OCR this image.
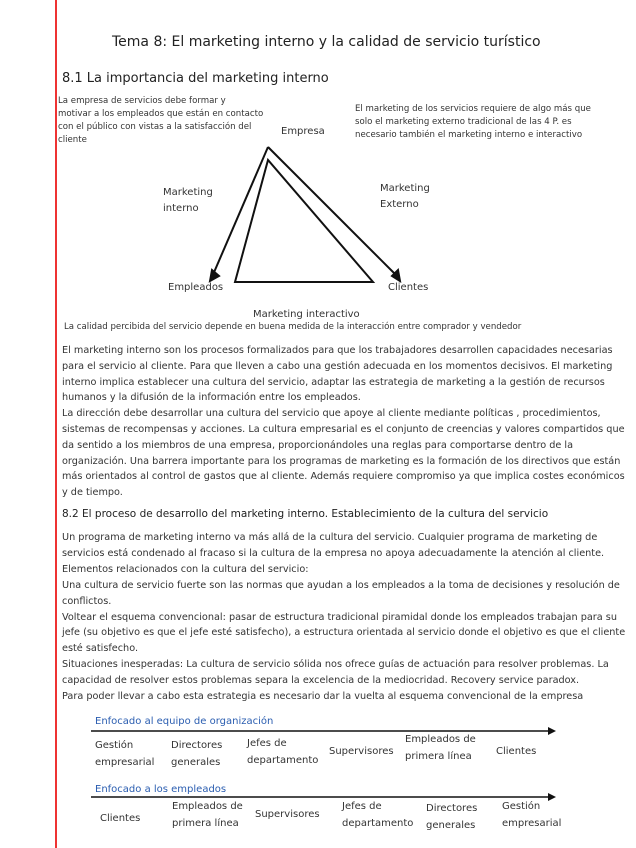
Tema 8: El marketing interno y la calidad de servicio turístico
8.1 La importancia del marketing interno
La empresa de servicios debe formar y
motivar a los empleados que están en contacto
con el público con vistas a la satisfacción del
cliente
El marketing de los servicios requiere de algo más que
solo el marketing externo tradicional de las 4 P. es
necesario también el marketing interno e interactivo
Empresa
Empleados	Clientes
Marketing
interno
Marketing
Externo
Marketing interactivo
La calidad percibida del servicio depende en buena medida de la interacción entre comprador y vendedor
El marketing interno son los procesos formalizados para que los trabajadores desarrollen capacidades necesarias
para el servicio al cliente. Para que lleven a cabo una gestión adecuada en los momentos decisivos. El marketing
interno implica establecer una cultura del servicio, adaptar las estrategia de marketing a la gestión de recursos
humanos y la difusión de la información entre los empleados.
La dirección debe desarrollar una cultura del servicio que apoye al cliente mediante políticas , procedimientos,
sistemas de recompensas y acciones. La cultura empresarial es el conjunto de creencias y valores compartidos que
da sentido a los miembros de una empresa, proporcionándoles una reglas para comportarse dentro de la
organización. Una barrera importante para los programas de marketing es la formación de los directivos que están
más orientados al control de gastos que al cliente. Además requiere compromiso ya que implica costes económicos
y de tiempo.
8.2 El proceso de desarrollo del marketing interno. Establecimiento de la cultura del servicio
Un programa de marketing interno va más allá de la cultura del servicio. Cualquier programa de marketing de
servicios está condenado al fracaso si la cultura de la empresa no apoya adecuadamente la atención al cliente.
Elementos relacionados con la cultura del servicio:
Una cultura de servicio fuerte son las normas que ayudan a los empleados a la toma de decisiones y resolución de
conflictos.
Voltear el esquema convencional: pasar de estructura tradicional piramidal donde los empleados trabajan para su
jefe (su objetivo es que el jefe esté satisfecho), a estructura orientada al servicio donde el objetivo es que el cliente
esté satisfecho.
Situaciones inesperadas: La cultura de servicio sólida nos ofrece guías de actuación para resolver problemas. La
capacidad de resolver estos problemas separa la excelencia de la mediocridad. Recovery service paradox.
Para poder llevar a cabo esta estrategia es necesario dar la vuelta al esquema convencional de la empresa
Enfocado al equipo de organización
Gestión
empresarial
Directores
generales
Jefes de
departamento
Supervisores
Empleados de
primera línea	Clientes
Enfocado a los empleados
Clientes
Empleados de
primera línea
Supervisores
Jefes de
departamento
Directores
generales
Gestión
empresarial
